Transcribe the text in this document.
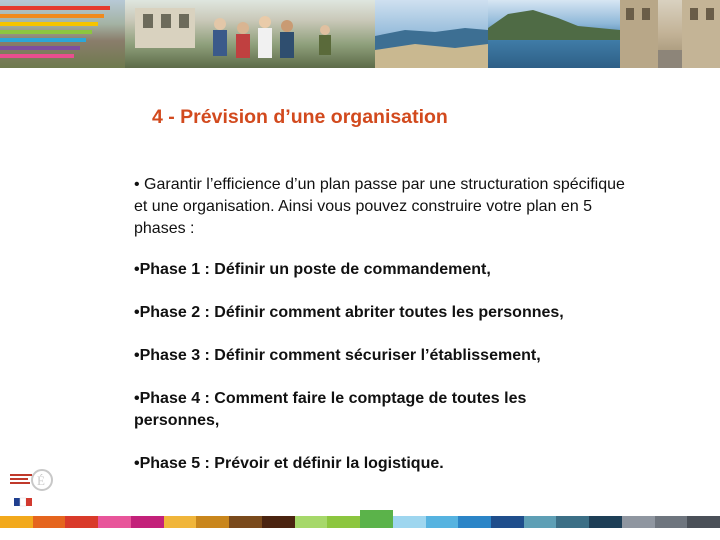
4 - Prévision d’une organisation
• Garantir l’efficience d’un plan passe par une structuration spécifique et une organisation. Ainsi vous pouvez construire votre plan en 5 phases :
•Phase 1 : Définir un poste de commandement,
•Phase 2 : Définir comment abriter toutes les personnes,
•Phase 3 : Définir comment sécuriser l’établissement,
•Phase 4 : Comment faire le comptage de toutes les personnes,
•Phase 5 : Prévoir et définir la logistique.
É
